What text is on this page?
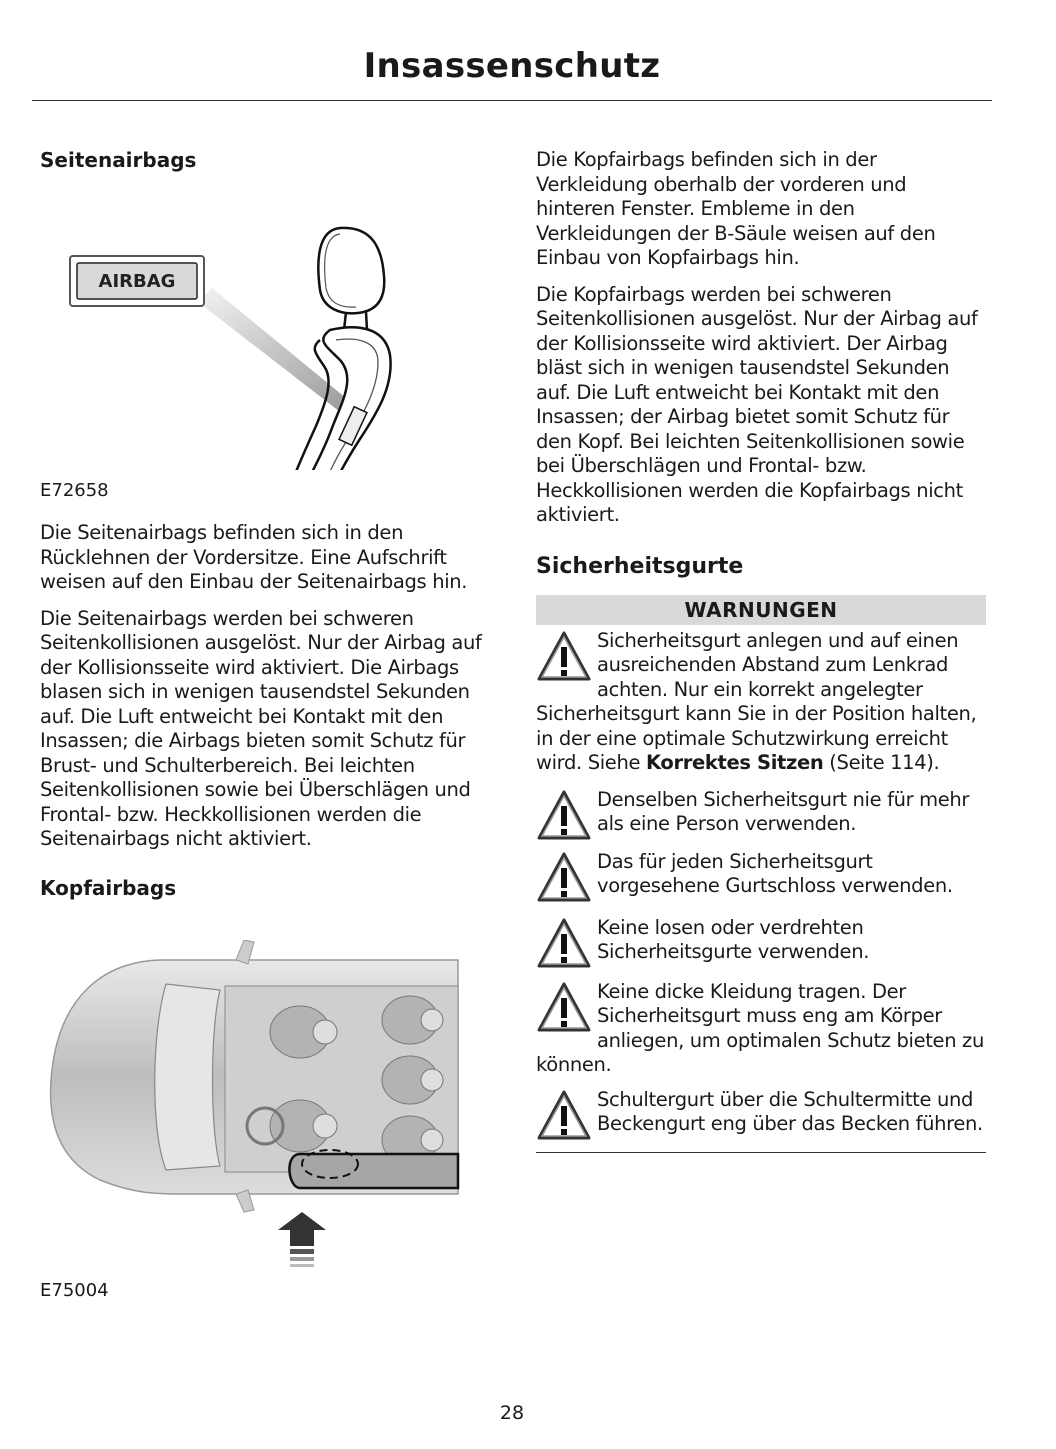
Insassenschutz
Seitenairbags
AIRBAG
E72658

Die Seitenairbags befinden sich in den Rücklehnen der Vordersitze. Eine Aufschrift weisen auf den Einbau der Seitenairbags hin.

Die Seitenairbags werden bei schweren Seitenkollisionen ausgelöst. Nur der Airbag auf der Kollisionsseite wird aktiviert. Die Airbags blasen sich in wenigen tausendstel Sekunden auf. Die Luft entweicht bei Kontakt mit den Insassen; die Airbags bieten somit Schutz für Brust- und Schulterbereich. Bei leichten Seitenkollisionen sowie bei Überschlägen und Frontal- bzw. Heckkollisionen werden die Seitenairbags nicht aktiviert.

Kopfairbags
E75004

Die Kopfairbags befinden sich in der Verkleidung oberhalb der vorderen und hinteren Fenster. Embleme in den Verkleidungen der B-Säule weisen auf den Einbau von Kopfairbags hin.

Die Kopfairbags werden bei schweren Seitenkollisionen ausgelöst. Nur der Airbag auf der Kollisionsseite wird aktiviert. Der Airbag bläst sich in wenigen tausendstel Sekunden auf. Die Luft entweicht bei Kontakt mit den Insassen; der Airbag bietet somit Schutz für den Kopf. Bei leichten Seitenkollisionen sowie bei Überschlägen und Frontal- bzw. Heckkollisionen werden die Kopfairbags nicht aktiviert.

Sicherheitsgurte
WARNUNGEN
Sicherheitsgurt anlegen und auf einen ausreichenden Abstand zum Lenkrad achten. Nur ein korrekt angelegter Sicherheitsgurt kann Sie in der Position halten, in der eine optimale Schutzwirkung erreicht wird. Siehe Korrektes Sitzen (Seite 114).
Denselben Sicherheitsgurt nie für mehr als eine Person verwenden.
Das für jeden Sicherheitsgurt vorgesehene Gurtschloss verwenden.
Keine losen oder verdrehten Sicherheitsgurte verwenden.
Keine dicke Kleidung tragen. Der Sicherheitsgurt muss eng am Körper anliegen, um optimalen Schutz bieten zu können.
Schultergurt über die Schultermitte und Beckengurt eng über das Becken führen.
28
